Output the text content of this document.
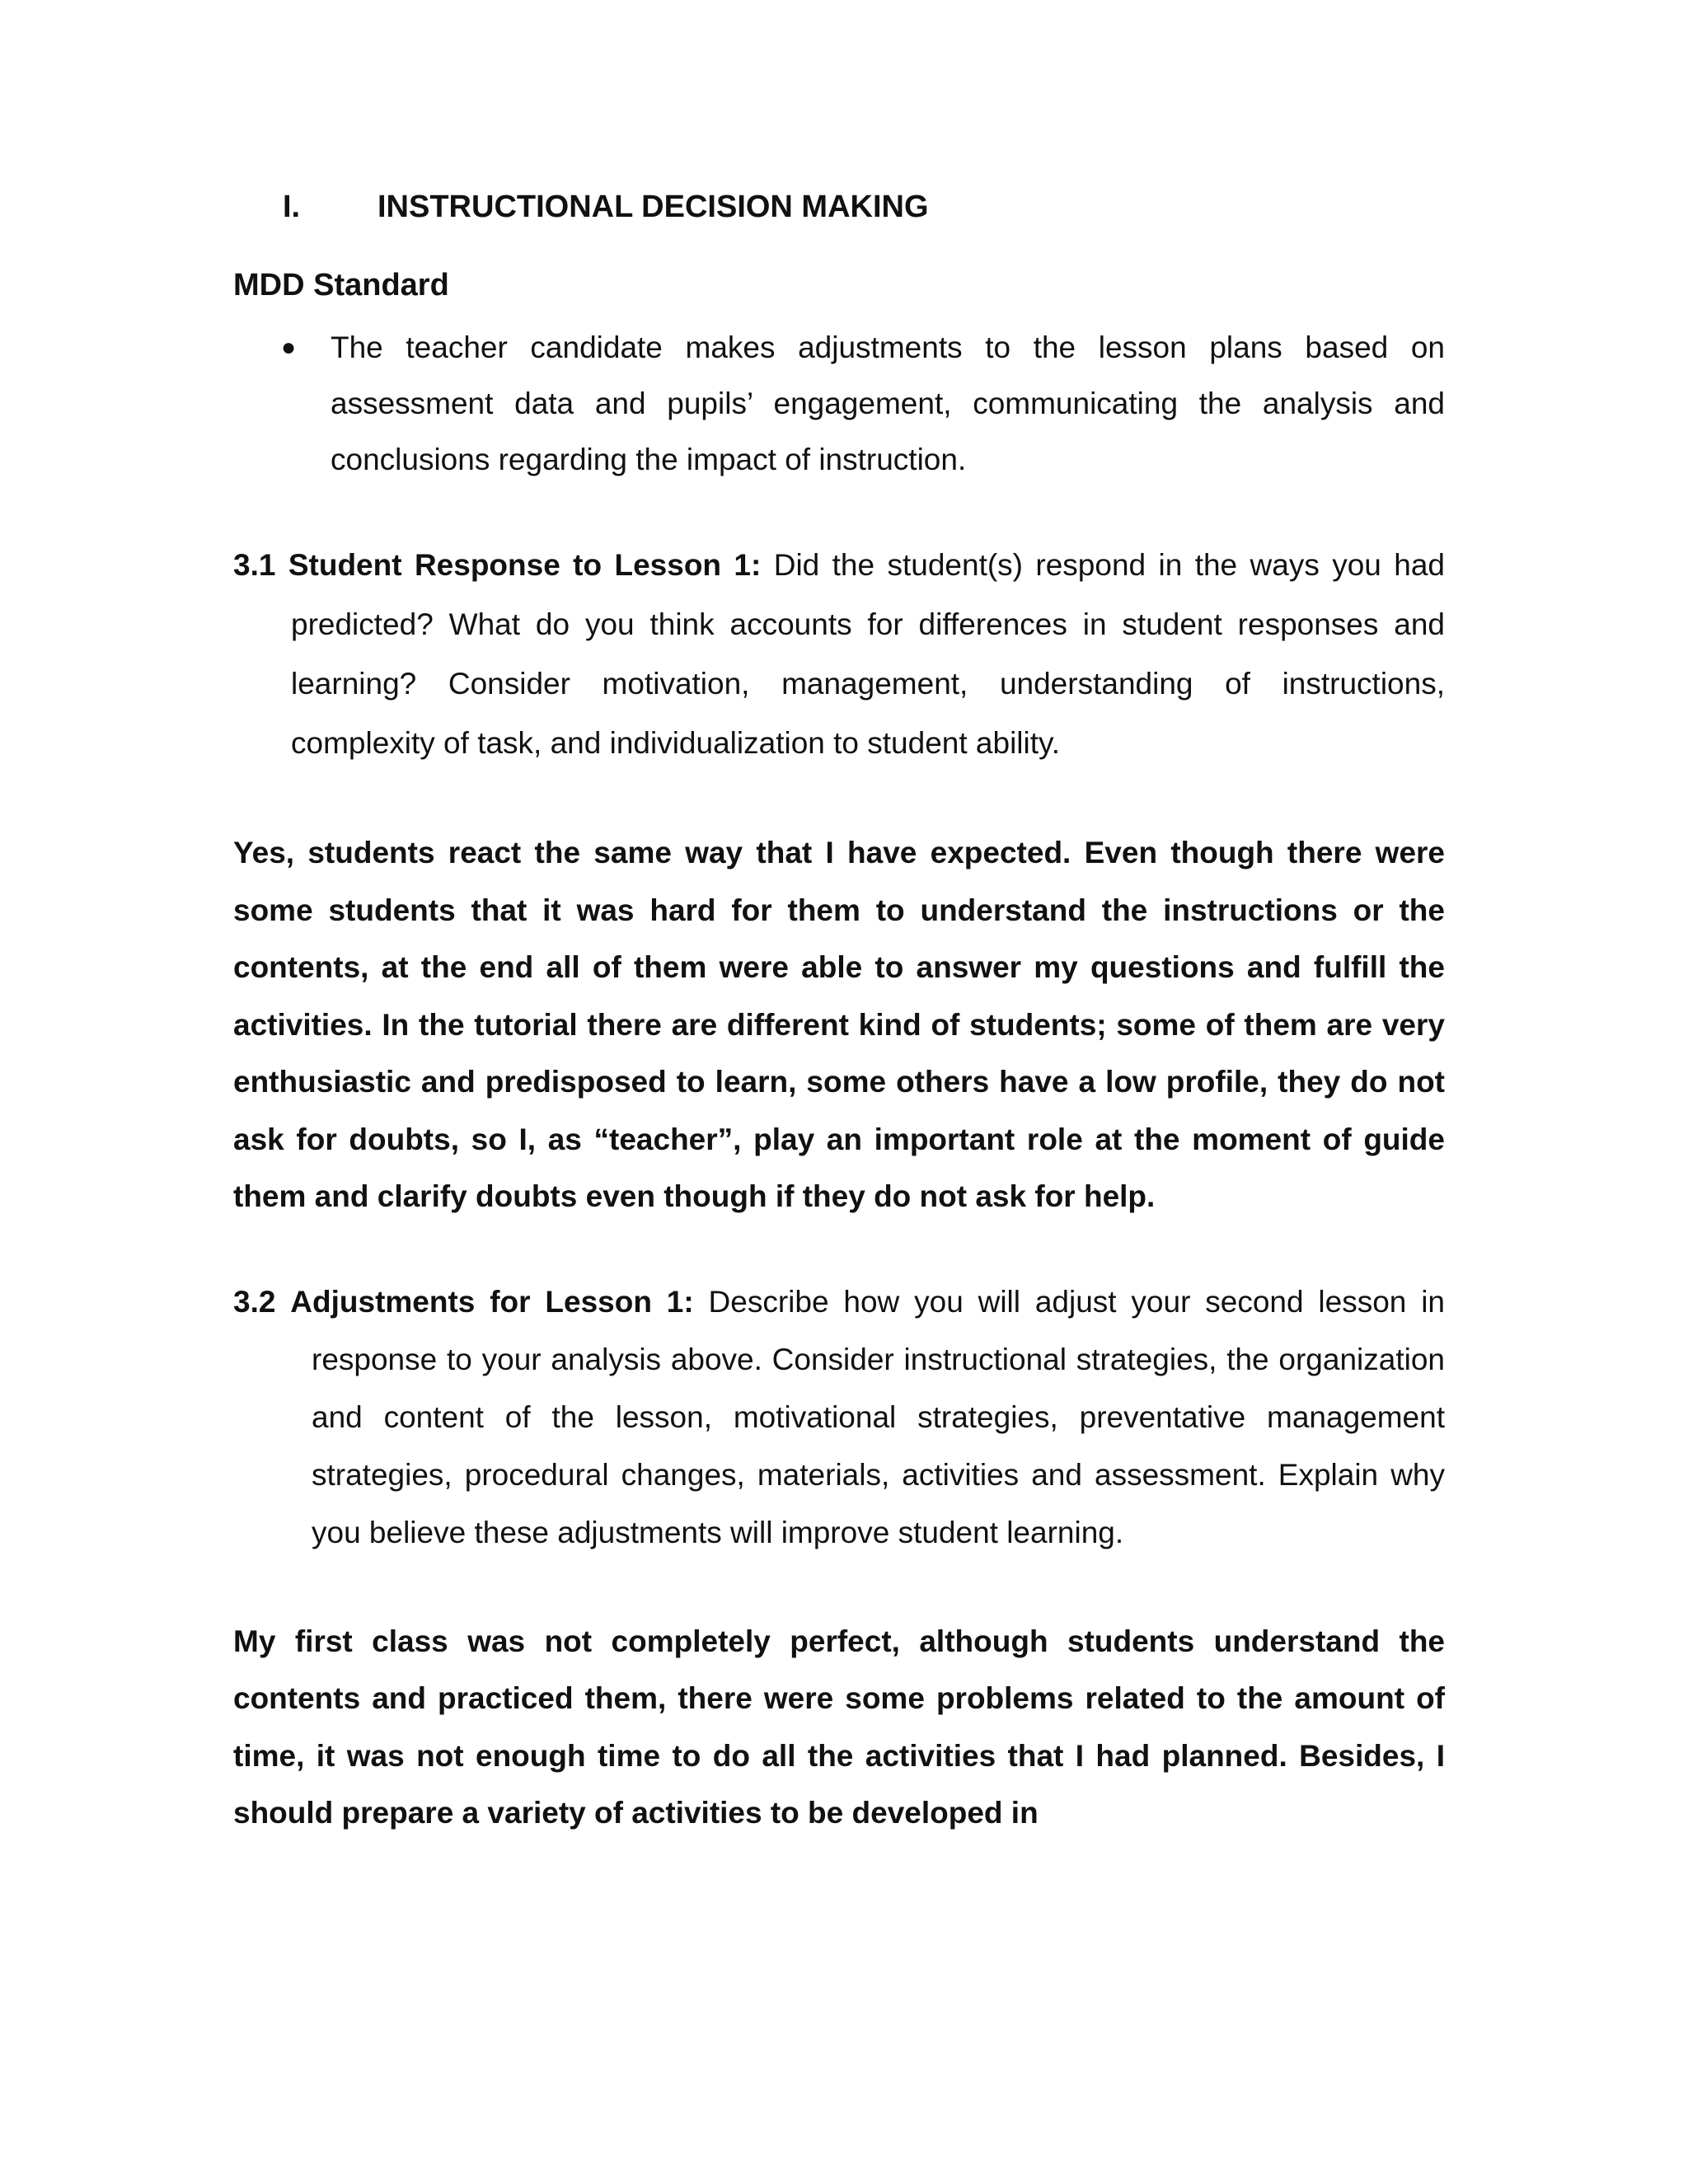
I.	INSTRUCTIONAL DECISION MAKING
MDD Standard
● The teacher candidate makes adjustments to the lesson plans based on assessment data and pupils’ engagement, communicating the analysis and conclusions regarding the impact of instruction.

3.1 Student Response to Lesson 1: Did the student(s) respond in the ways you had predicted? What do you think accounts for differences in student responses and learning? Consider motivation, management, understanding of instructions, complexity of task, and individualization to student ability.

Yes, students react the same way that I have expected. Even though there were some students that it was hard for them to understand the instructions or the contents, at the end all of them were able to answer my questions and fulfill the activities. In the tutorial there are different kind of students; some of them are very enthusiastic and predisposed to learn, some others have a low profile, they do not ask for doubts, so I, as “teacher”, play an important role at the moment of guide them and clarify doubts even though if they do not ask for help.

3.2 Adjustments for Lesson 1: Describe how you will adjust your second lesson in response to your analysis above. Consider instructional strategies, the organization and content of the lesson, motivational strategies, preventative management strategies, procedural changes, materials, activities and assessment. Explain why you believe these adjustments will improve student learning.

My first class was not completely perfect, although students understand the contents and practiced them, there were some problems related to the amount of time, it was not enough time to do all the activities that I had planned. Besides, I should prepare a variety of activities to be developed in
